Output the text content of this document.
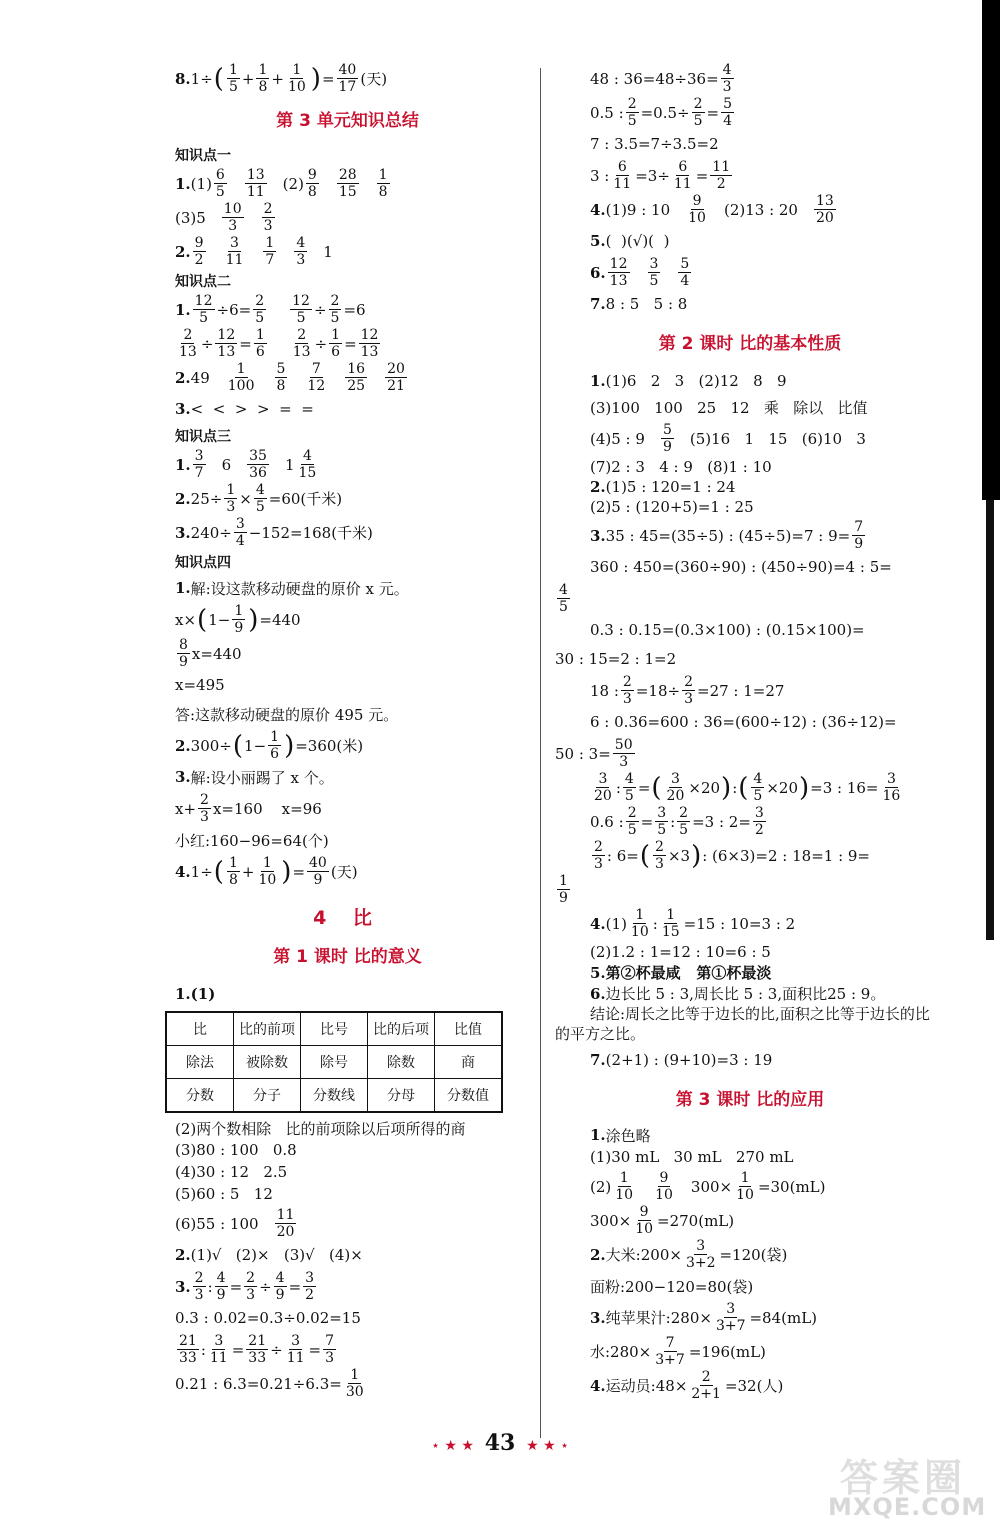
8. 1÷ ( $\frac{1}{5} + \frac{1}{8} + \frac{1}{10}$ ) = $\frac{40}{17}$ (天)
第 3 单元知识总结
知识点一
1. $(1) \frac{6}{5} \frac{13}{11} (2) \frac{9}{8} \frac{28}{15} \frac{1}{8}$
$(3)5 \frac{10}{3} \frac{2}{3}$
2. $\frac{9}{2} \frac{3}{11} \frac{1}{7} \frac{4}{3} 1$
知识点二
1. $\frac{12}{5} \div 6= \frac{2}{5} \frac{12}{5} \div \frac{2}{5} =6$
$\frac{2}{13} \div \frac{12}{13} = \frac{1}{6} \frac{2}{13} \div \frac{1}{6} = \frac{12}{13}$
2. $49 \frac{1}{100} \frac{5}{8} \frac{7}{12} \frac{16}{25} \frac{20}{21}$
3. <  <  >  >  =  =
知识点三
1. $\frac{3}{7} 6 \frac{35}{36} 1 \frac{4}{15}$
2. $25\div \frac{1}{3} \times \frac{4}{5} =60$(千米)
3. $240\div \frac{3}{4} -152=168$(千米)
知识点四
1. 解:设这款移动硬盘的原价 x 元。
x× ( $1- \frac{1}{9}$ ) =440
$\frac{8}{9} x=440$
x=495
答:这款移动硬盘的原价 495 元。
2. 300÷ ( $1- \frac{1}{6}$ ) =360(米)
3. 解:设小丽踢了 x 个。
$x+ \frac{2}{3} x=160$    x=96
小红:160−96=64(个)
4. 1÷ ( $\frac{1}{8} + \frac{1}{10}$ ) = $\frac{40}{9}$ (天)
4 比
第 1 课时 比的意义
1.(1)
比	比的前项	比号	比的后项	比值
除法	被除数	除号	除数	商
分数	分子	分数线	分母	分数值
(2)两个数相除   比的前项除以后项所得的商
(3)80 : 100   0.8
(4)30 : 12   2.5
(5)60 : 5   12
(6)55 : $100 \frac{11}{20}$
2. (1)√   (2)×   (3)√   (4)×
3. $\frac{2}{3}$ : $\frac{4}{9} = \frac{2}{3} \div \frac{4}{9} = \frac{3}{2}$
0.3 : 0.02=0.3÷0.02=15
$\frac{21}{33}$ : $\frac{3}{11} = \frac{21}{33} \div \frac{3}{11} = \frac{7}{3}$
0.21 : $6.3=0.21\div 6.3= \frac{1}{30}$
48 : $36=48\div 36= \frac{4}{3}$
0.5 : $\frac{2}{5} =0.5\div \frac{2}{5} = \frac{5}{4}$
7 : 3.5=7÷3.5=2
3 : $\frac{6}{11} =3\div \frac{6}{11} = \frac{11}{2}$
4. (1)9 : $10 \frac{9}{10} (2)13$ : $20 \frac{13}{20}$
5. (  )(√)(  )
6. $\frac{12}{13} \frac{3}{5} \frac{5}{4}$
7. 8 : 5   5 : 8
第 2 课时 比的基本性质
1. (1)6   2   3   (2)12   8   9
(3)100   100   25   12   乘   除以   比值
(4)5 : $9 \frac{5}{9} (5)16$   1   15   (6)10   3
(7)2 : 3   4 : 9   (8)1 : 10
2. (1)5 : 120=1 : 24
(2)5 : (120+5)=1 : 25
3. 35 : 45=(35÷5) : (45÷5)=7 : $9= \frac{7}{9}$
360 : 450=(360÷90) : (450÷90)=4 : 5=
$\frac{4}{5}$
0.3 : 0.15=(0.3×100) : (0.15×100)=
30 : 15=2 : 1=2
18 : $\frac{2}{3} =18\div \frac{2}{3} =27$ : 1=27
6 : 0.36=600 : 36=(600÷12) : (36÷12)=
50 : $3= \frac{50}{3}$
$\frac{3}{20}$ : $\frac{4}{5}$ = ( $\frac{3}{20} \times 20$ ) : ( $\frac{4}{5} \times 20$ ) =3 : $16= \frac{3}{16}$
0.6 : $\frac{2}{5} = \frac{3}{5}$ : $\frac{2}{5} =3$ : $2= \frac{3}{2}$
$\frac{2}{3}$ : 6= ( $\frac{2}{3} \times 3$ ) : (6×3)=2 : 18=1 : 9=
$\frac{1}{9}$
4. $(1) \frac{1}{10}$ : $\frac{1}{15} =15$ : 10=3 : 2
(2)1.2 : 1=12 : 10=6 : 5
5. 第②杯最咸   第①杯最淡
6. 边长比 5 : 3,周长比 5 : 3,面积比25 : 9。
结论:周长之比等于边长的比,面积之比等于边长的比的平方之比。
7. (2+1) : (9+10)=3 : 19
第 3 课时 比的应用
1. 涂色略
(1)30 mL   30 mL   270 mL
$(2) \frac{1}{10} \frac{9}{10} 300\times \frac{1}{10} =30(mL)$
$300\times \frac{9}{10} =270(mL)$
2. 大米:200× $\frac{3}{3+2} =120$(袋)
面粉:200−120=80(袋)
3. 纯苹果汁:280× $\frac{3}{3+7} =84(mL)$
水:280× $\frac{7}{3+7} =196(mL)$
4. 运动员:48× $\frac{2}{2+1} =32$(人)
⋆ ★ ★ 43 ★ ★ ⋆
答案圈
MXQE.COM
